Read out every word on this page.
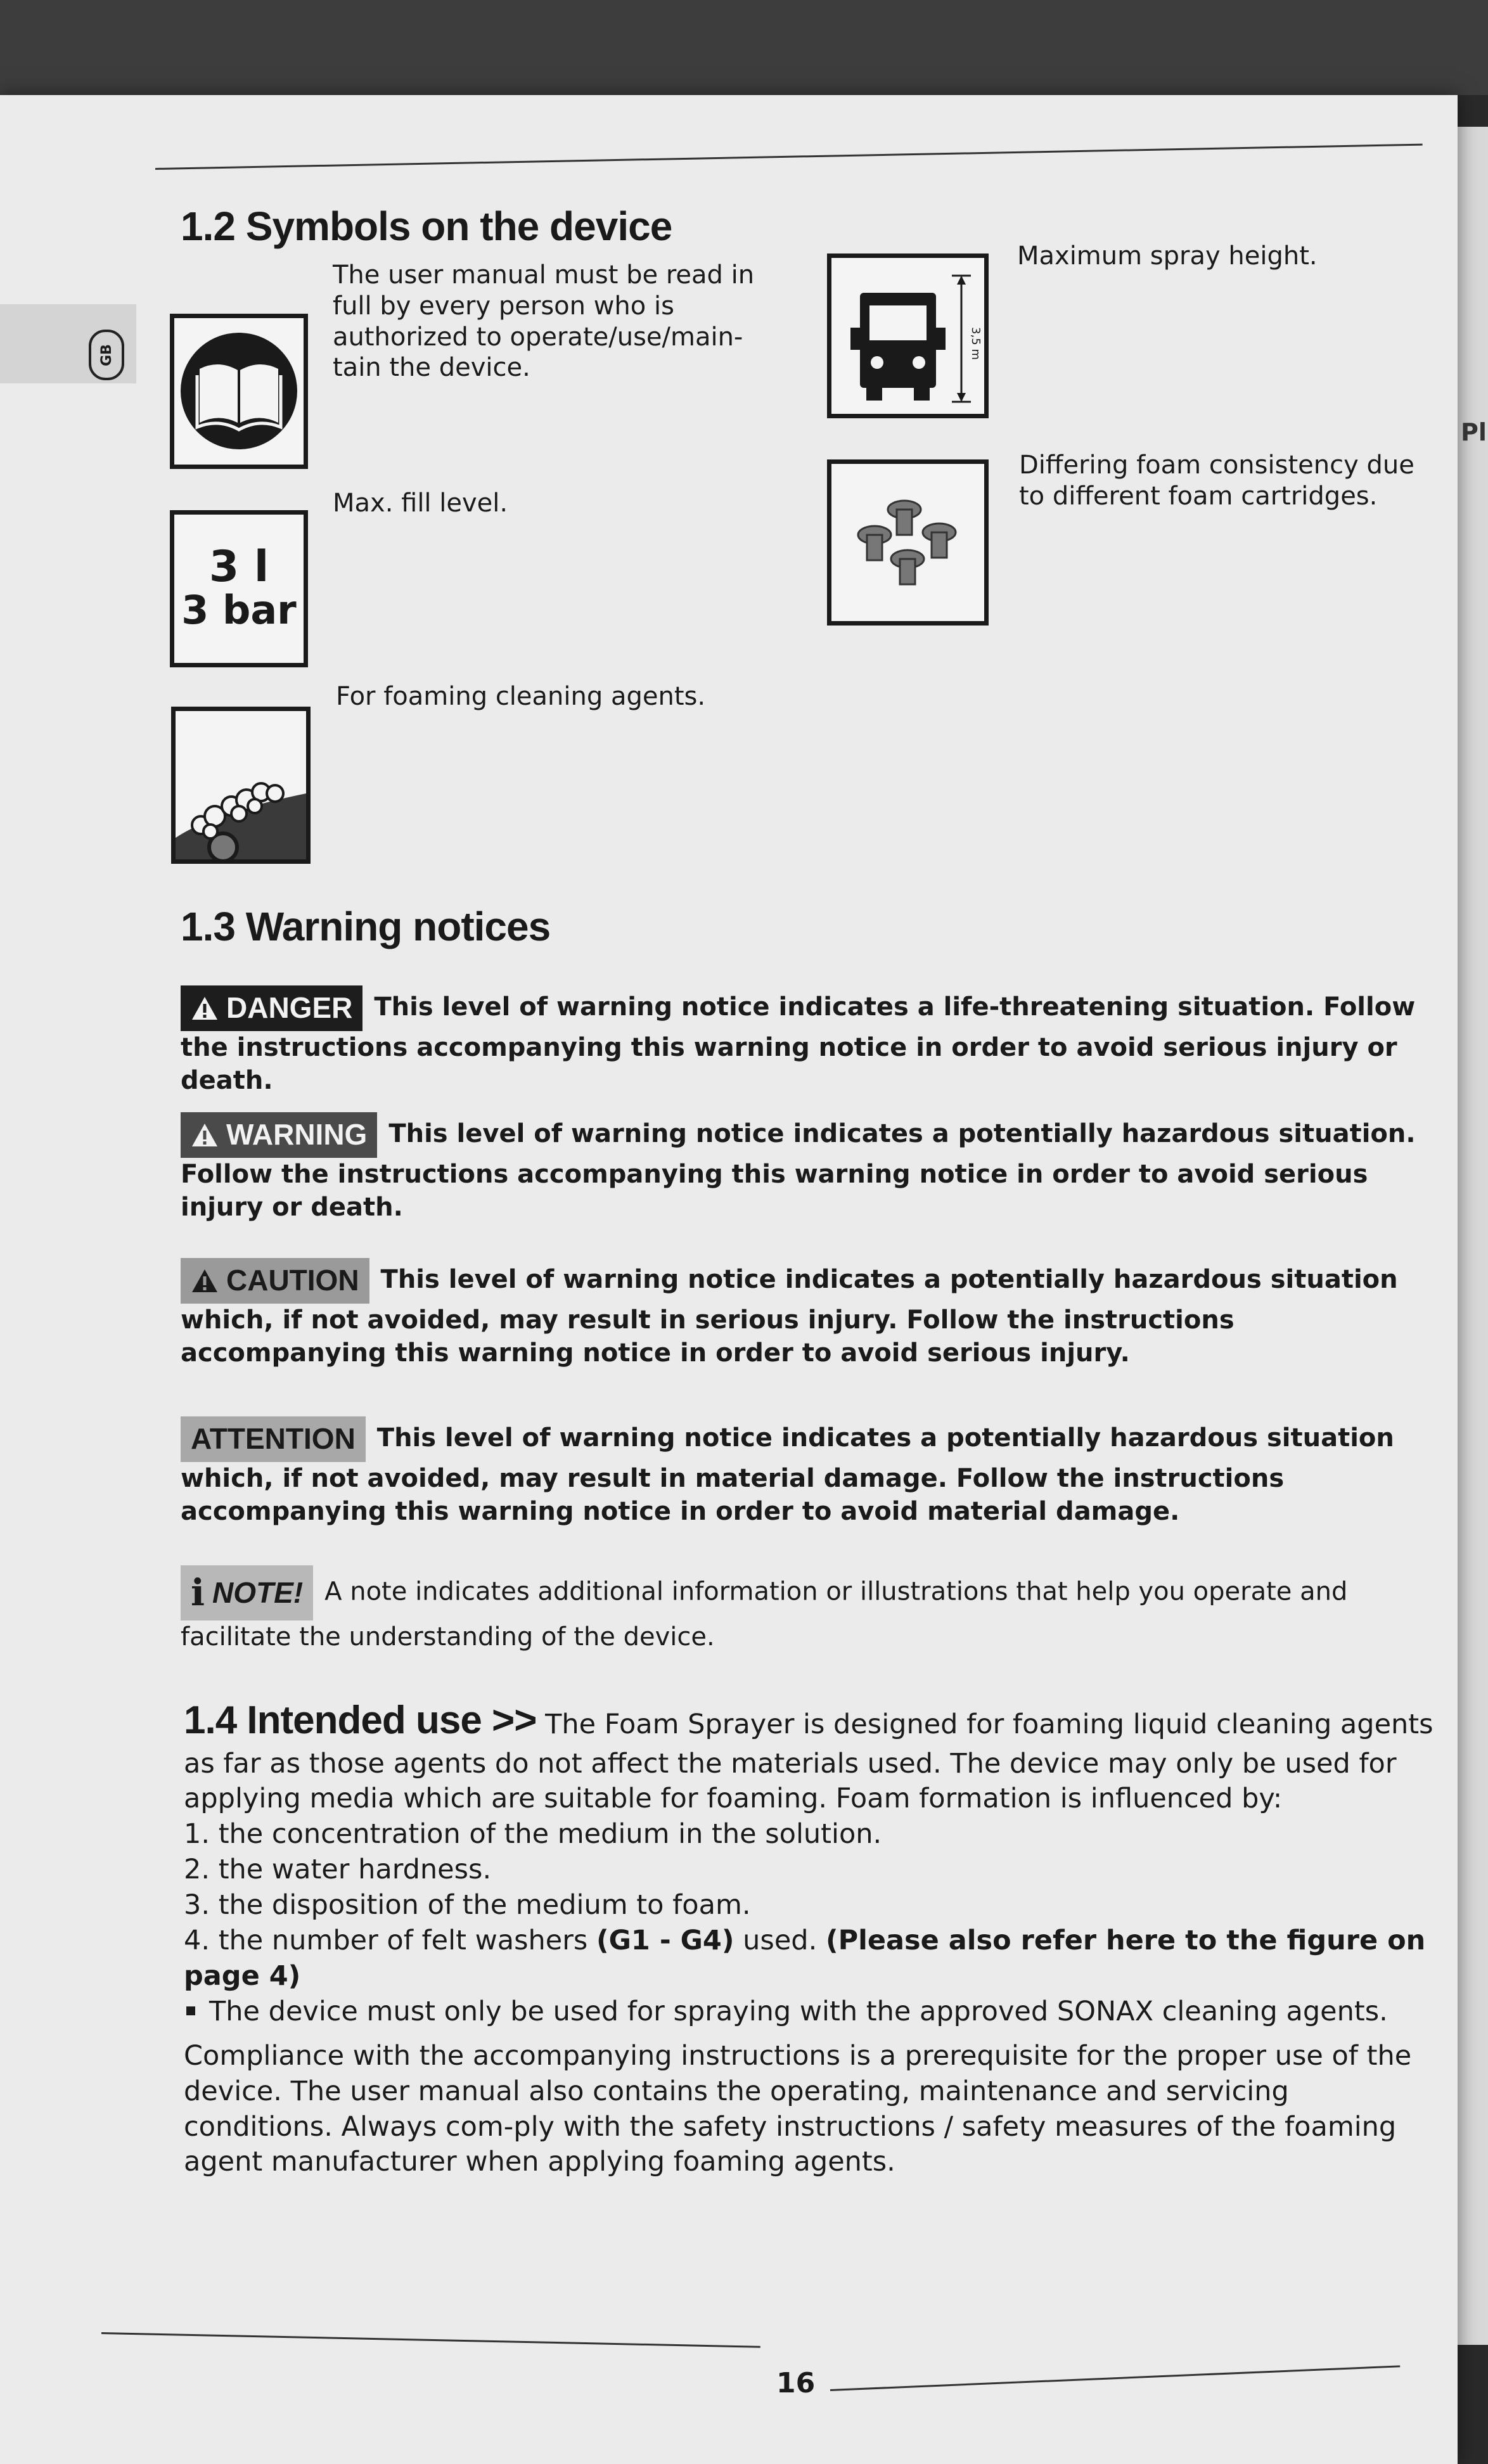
GB
Pl
1.2 Symbols on the device

The user manual must be read in full by every person who is authorized to operate/use/main-tain the device.

3 l
3 bar

Max. fill level.

For foaming cleaning agents.

3,5 m

Maximum spray height.

Differing foam consistency due to different foam cartridges.

1.3 Warning notices
DANGER This level of warning notice indicates a life-threatening situation. Follow the instructions accompanying this warning notice in order to avoid serious injury or death.
WARNING This level of warning notice indicates a potentially hazardous situation. Follow the instructions accompanying this warning notice in order to avoid serious injury or death.
CAUTION This level of warning notice indicates a potentially hazardous situation which, if not avoided, may result in serious injury. Follow the instructions accompanying this warning notice in order to avoid serious injury.
ATTENTION This level of warning notice indicates a potentially hazardous situation which, if not avoided, may result in material damage. Follow the instructions accompanying this warning notice in order to avoid material damage.
i NOTE! A note indicates additional information or illustrations that help you operate and facilitate the understanding of the device.

1.4 Intended use >> The Foam Sprayer is designed for foaming liquid cleaning agents as far as those agents do not affect the materials used. The device may only be used for applying media which are suitable for foaming. Foam formation is influenced by:

1. the concentration of the medium in the solution.

2. the water hardness.

3. the disposition of the medium to foam.

4. the number of felt washers (G1 - G4) used. (Please also refer here to the figure on page 4)

The device must only be used for spraying with the approved SONAX cleaning agents.

Compliance with the accompanying instructions is a prerequisite for the proper use of the device. The user manual also contains the operating, maintenance and servicing conditions. Always com-ply with the safety instructions / safety measures of the foaming agent manufacturer when applying foaming agents.

16
